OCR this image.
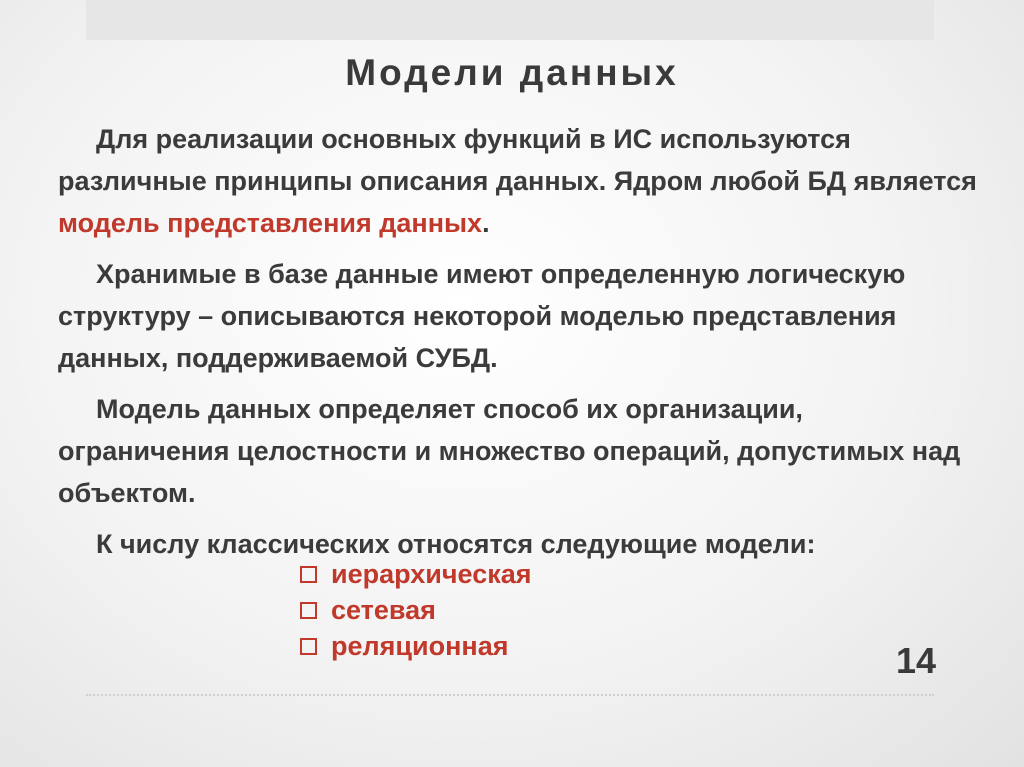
Модели данных

Для реализации основных функций в ИС используются различные принципы описания данных. Ядром любой БД является модель представления данных.

Хранимые в базе данные имеют определенную логическую структуру – описываются некоторой моделью представления данных, поддерживаемой СУБД.

Модель данных определяет способ их организации, ограничения целостности и множество операций, допустимых над объектом.

К числу классических относятся следующие модели:

иерархическая
сетевая
реляционная	14
